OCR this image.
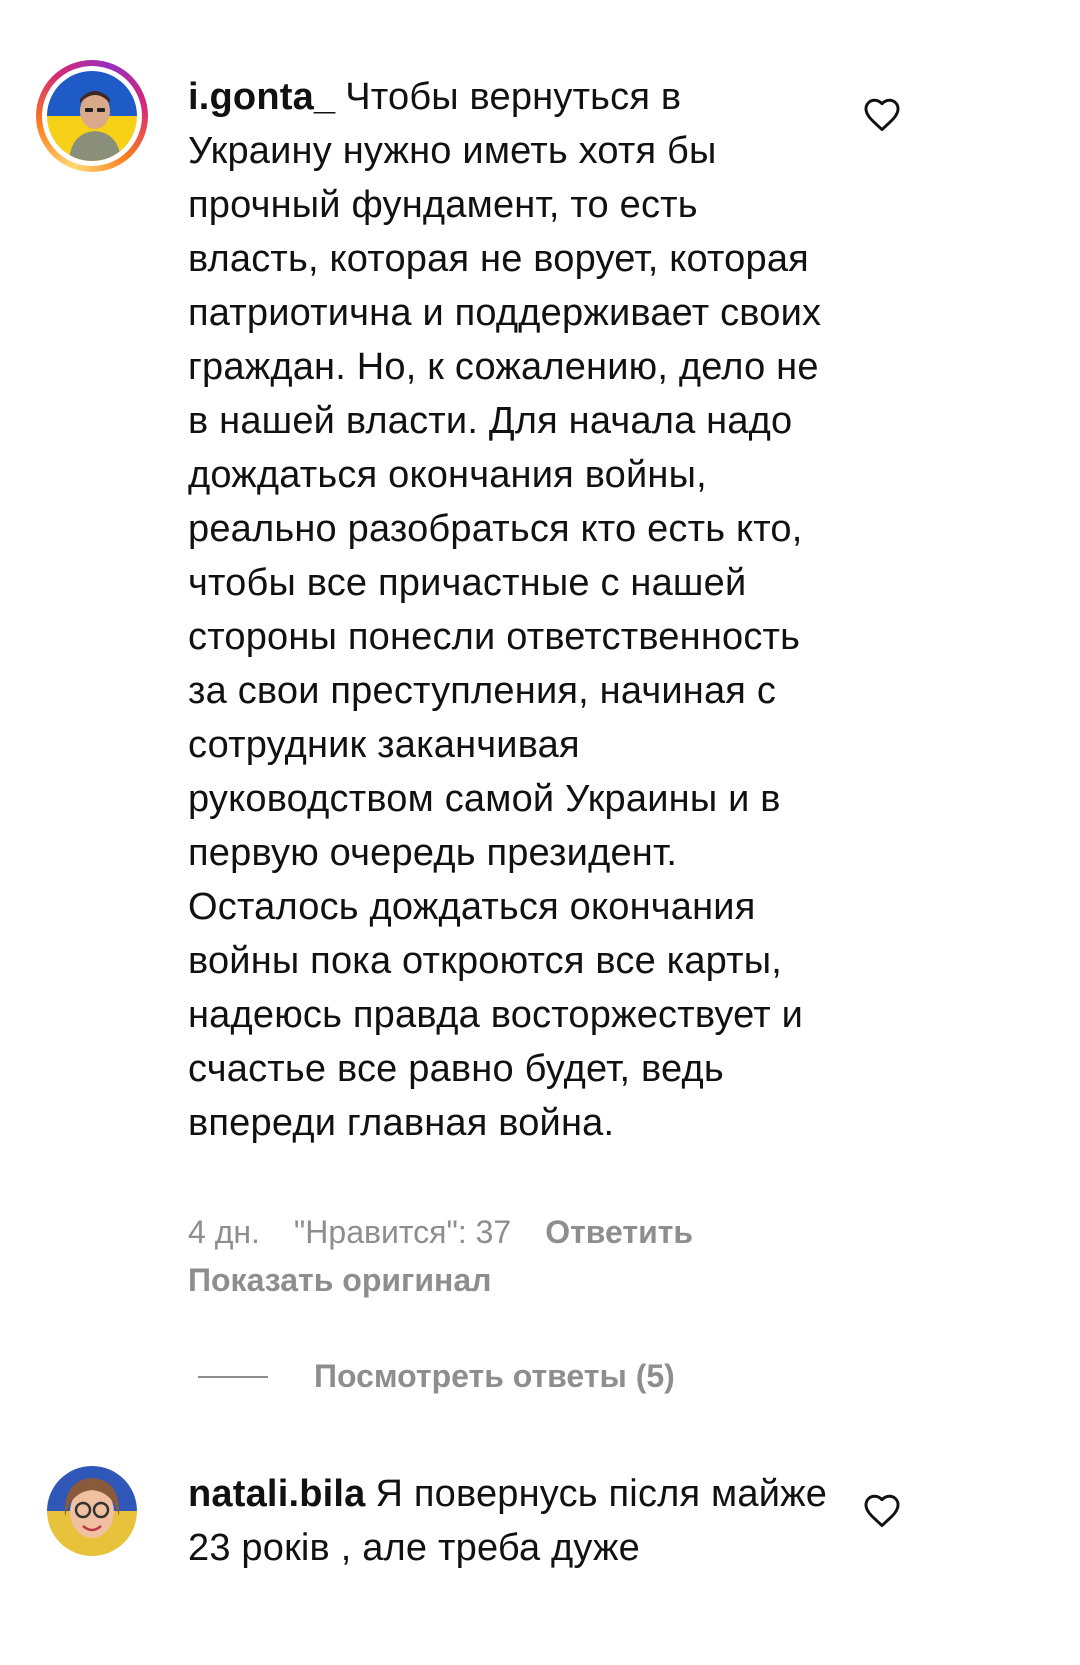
i.gonta_ Чтобы вернуться в Украину нужно иметь хотя бы прочный фундамент, то есть власть, которая не ворует, которая патриотична и поддерживает своих граждан. Но, к сожалению, дело не в нашей власти. Для начала надо дождаться окончания войны, реально разобраться кто есть кто, чтобы все причастные с нашей стороны понесли ответственность за свои преступления, начиная с сотрудник заканчивая руководством самой Украины и в первую очередь президент. Осталось дождаться окончания войны пока откроются все карты, надеюсь правда восторжествует и счастье все равно будет, ведь впереди главная война.
4 дн. "Нравится": 37 Ответить
Показать оригинал
Посмотреть ответы (5)
natali.bila Я повернусь після майже 23 років , але треба дуже
